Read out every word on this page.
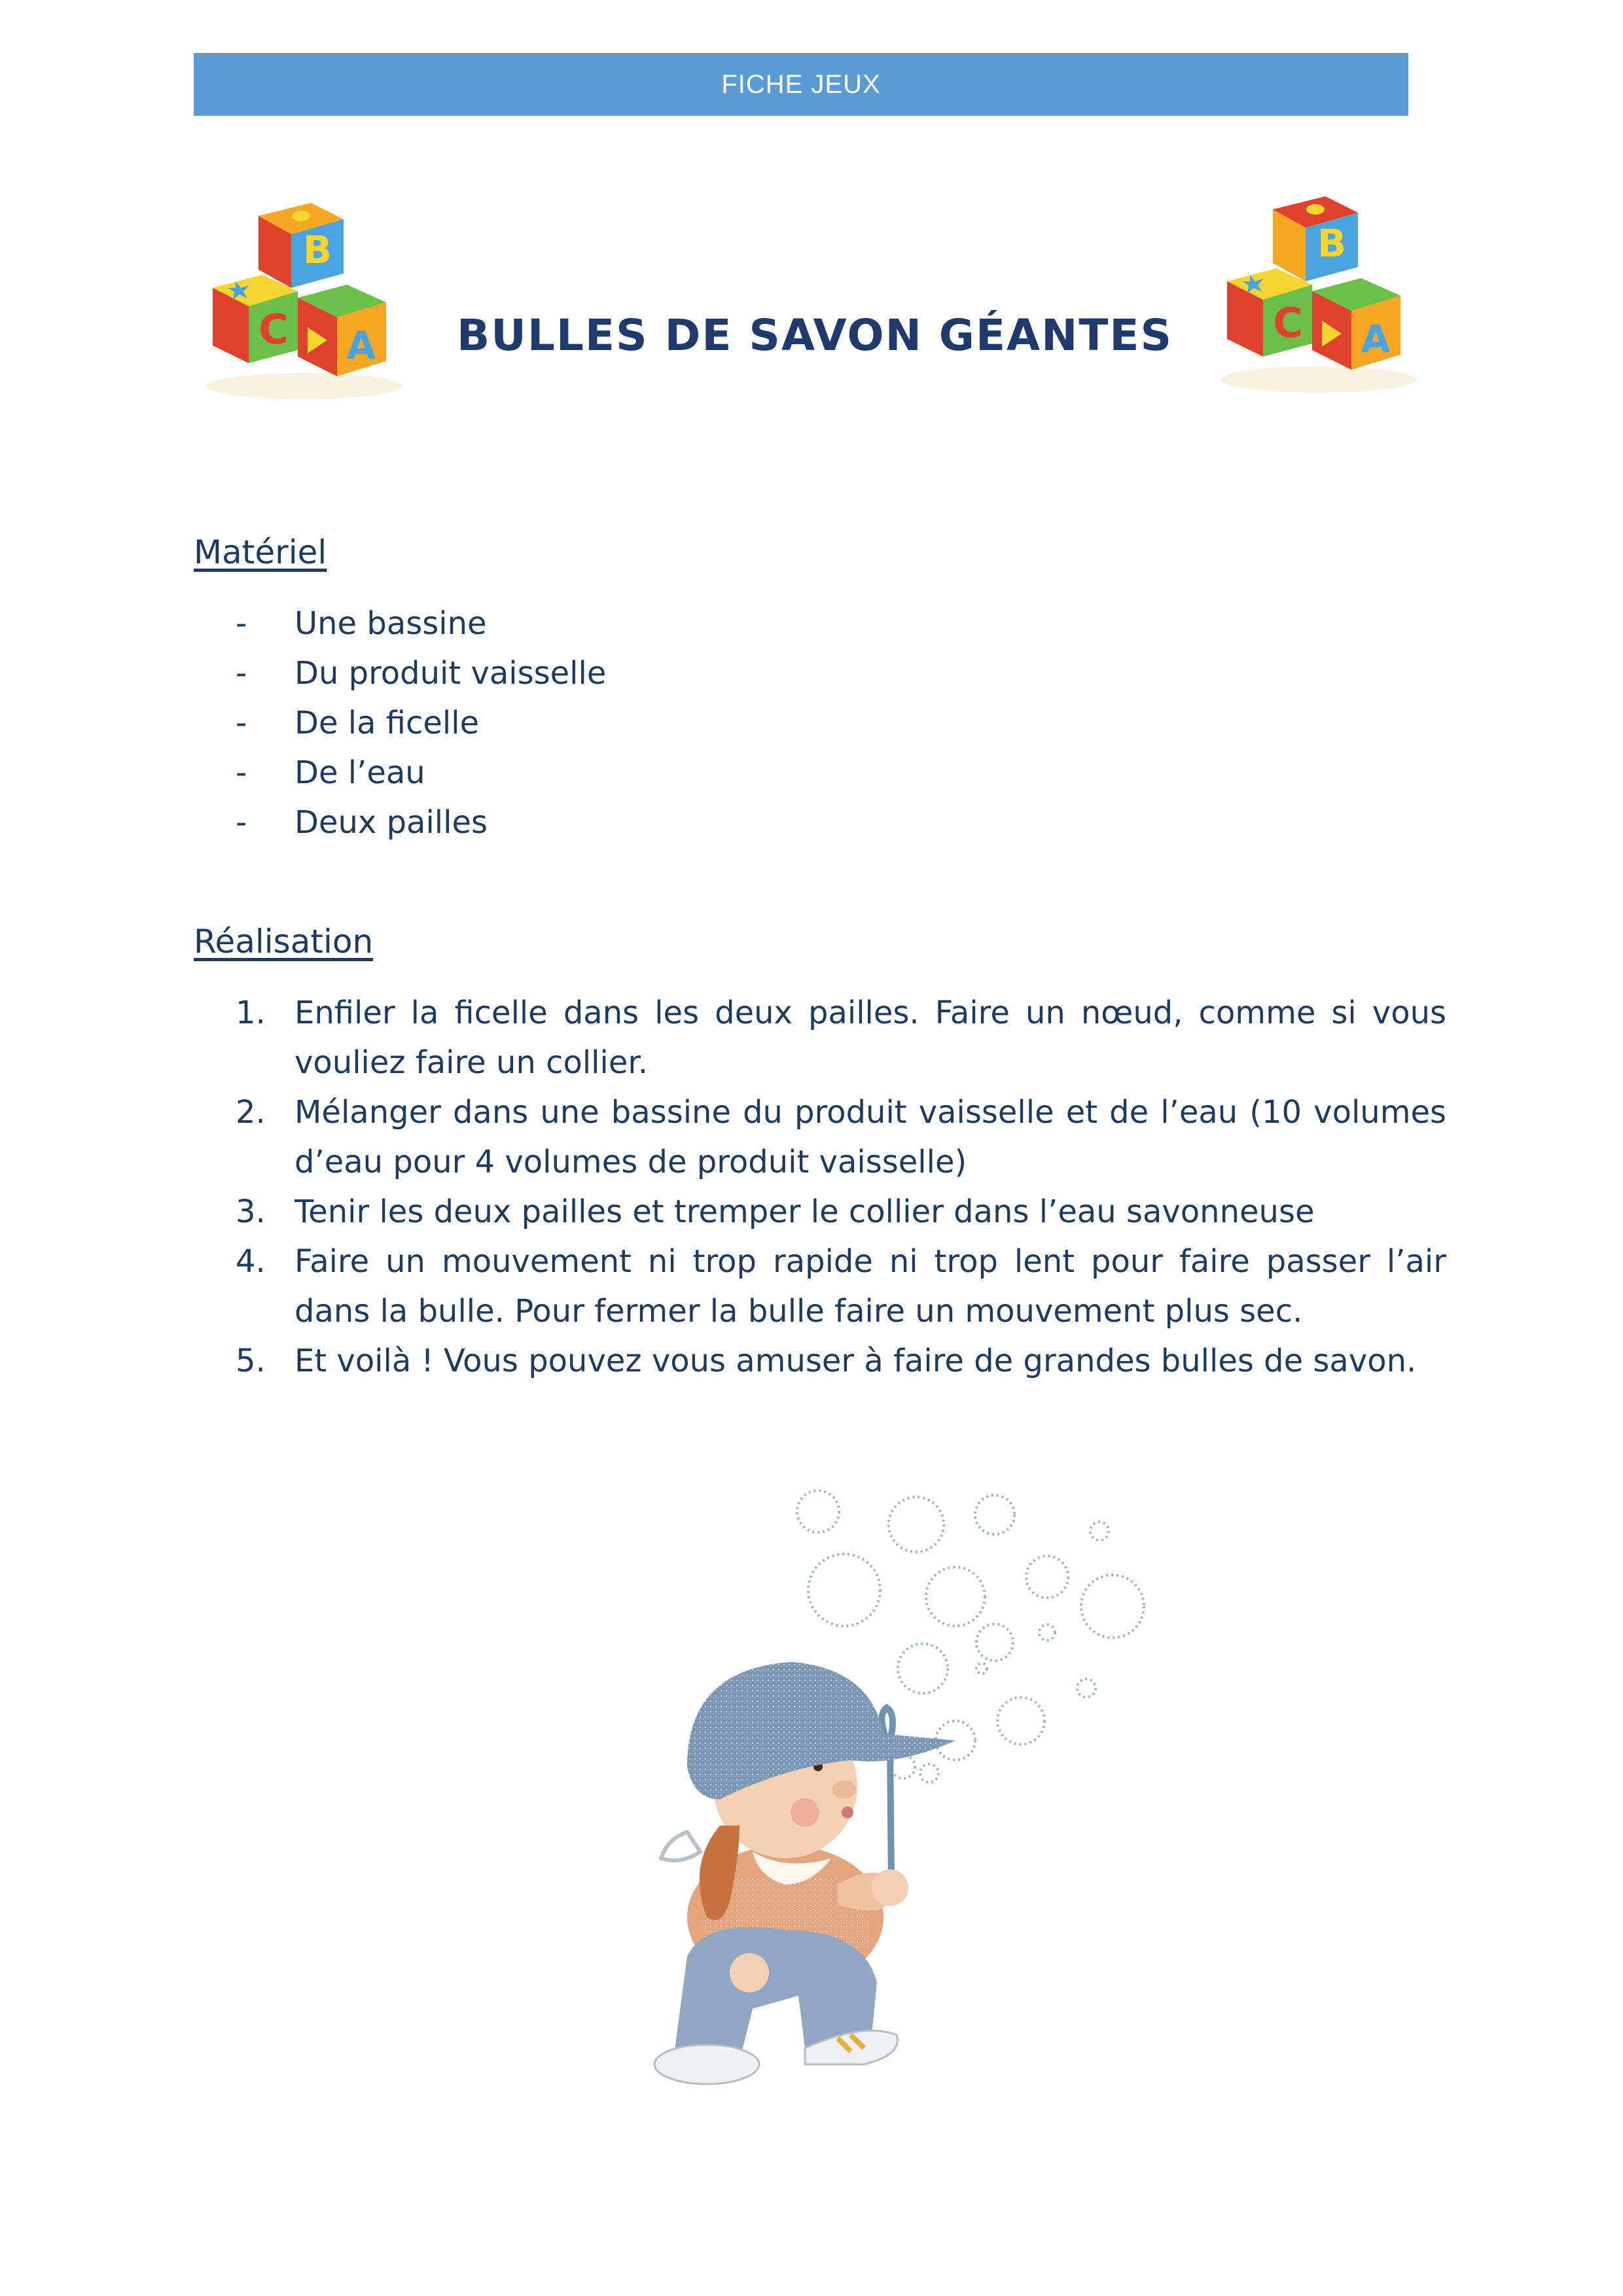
FICHE JEUX
B
C A	BULLES DE SAVON GÉANTES
B
C A
Matériel
-	Une bassine
-	Du produit vaisselle
-	De la ficelle
-	De l’eau
-	Deux pailles
Réalisation
1. Enfiler la ficelle dans les deux pailles. Faire un nœud, comme si vous vouliez faire un collier.
2. Mélanger dans une bassine du produit vaisselle et de l’eau (10 volumes d’eau pour 4 volumes de produit vaisselle)
3. Tenir les deux pailles et tremper le collier dans l’eau savonneuse
4. Faire un mouvement ni trop rapide ni trop lent pour faire passer l’air dans la bulle. Pour fermer la bulle faire un mouvement plus sec.
5. Et voilà ! Vous pouvez vous amuser à faire de grandes bulles de savon.
